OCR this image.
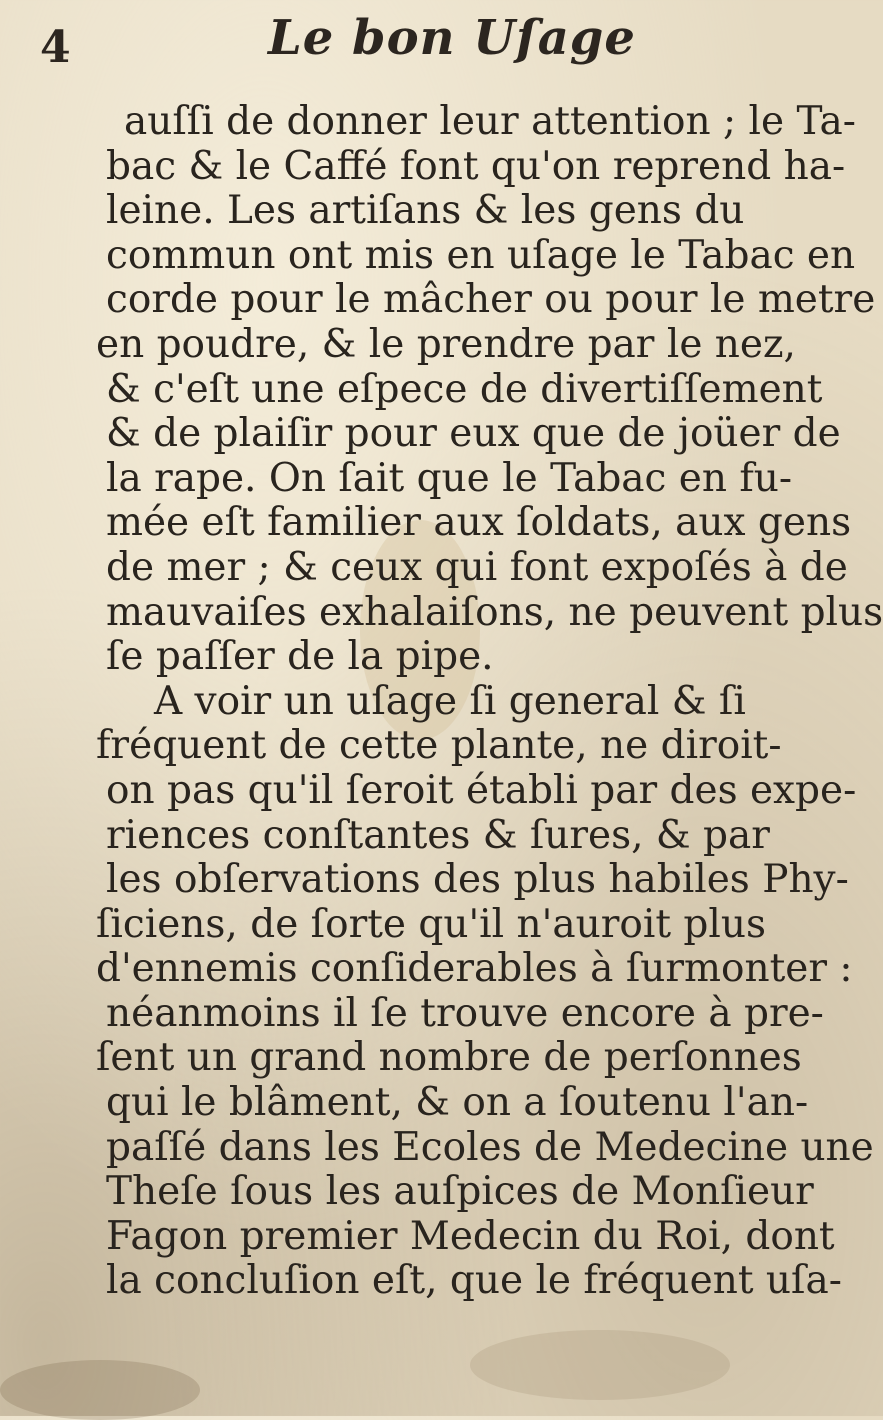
4	Le bon Uſage
auſſi de donner leur attention ; le Ta-
bac & le Caffé font qu'on reprend ha-
leine. Les artiſans & les gens du
commun ont mis en uſage le Tabac en
corde pour le mâcher ou pour le metre
en poudre, & le prendre par le nez,
& c'eſt une eſpece de divertiſſement
& de plaiſir pour eux que de joüer de
la rape. On ſait que le Tabac en fu-
mée eſt familier aux ſoldats, aux gens
de mer ; & ceux qui font expoſés à de
mauvaiſes exhalaiſons, ne peuvent plus
ſe paſſer de la pipe.
A voir un uſage ſi general & ſi
fréquent de cette plante, ne diroit-
on pas qu'il ſeroit établi par des expe-
riences conſtantes & ſures, & par
les obſervations des plus habiles Phy-
ſiciens, de ſorte qu'il n'auroit plus
d'ennemis conſiderables à ſurmonter :
néanmoins il ſe trouve encore à pre-
ſent un grand nombre de perſonnes
qui le blâment, & on a ſoutenu l'an-
paſſé dans les Ecoles de Medecine une
Theſe ſous les auſpices de Monſieur
Fagon premier Medecin du Roi, dont
la concluſion eſt, que le fréquent uſa-
